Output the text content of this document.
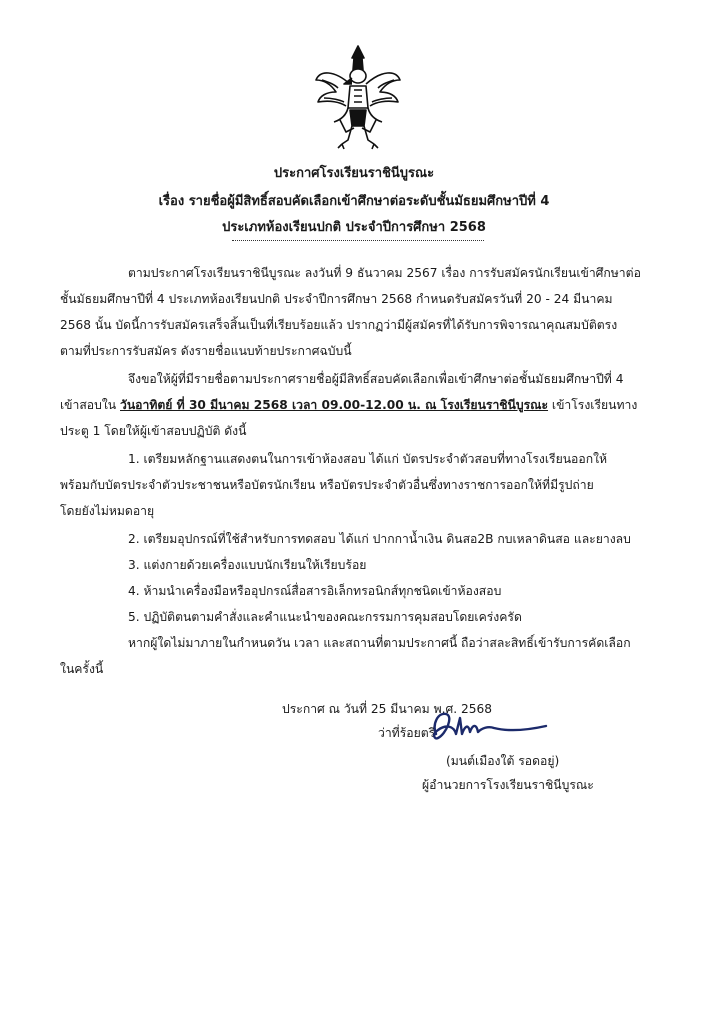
ประกาศโรงเรียนราชินีบูรณะ
เรื่อง รายชื่อผู้มีสิทธิ์สอบคัดเลือกเข้าศึกษาต่อระดับชั้นมัธยมศึกษาปีที่ 4
ประเภทห้องเรียนปกติ ประจำปีการศึกษา 2568
ตามประกาศโรงเรียนราชินีบูรณะ ลงวันที่ 9 ธันวาคม 2567 เรื่อง การรับสมัครนักเรียนเข้าศึกษาต่อ
ชั้นมัธยมศึกษาปีที่ 4 ประเภทห้องเรียนปกติ ประจำปีการศึกษา 2568 กำหนดรับสมัครวันที่ 20 - 24 มีนาคม
2568 นั้น บัดนี้การรับสมัครเสร็จสิ้นเป็นที่เรียบร้อยแล้ว ปรากฏว่ามีผู้สมัครที่ได้รับการพิจารณาคุณสมบัติตรง
ตามที่ประการรับสมัคร ดังรายชื่อแนบท้ายประกาศฉบับนี้
จึงขอให้ผู้ที่มีรายชื่อตามประกาศรายชื่อผู้มีสิทธิ์สอบคัดเลือกเพื่อเข้าศึกษาต่อชั้นมัธยมศึกษาปีที่ 4
เข้าสอบใน วันอาทิตย์ ที่ 30 มีนาคม 2568 เวลา 09.00-12.00 น. ณ โรงเรียนราชินีบูรณะ เข้าโรงเรียนทาง
ประตู 1 โดยให้ผู้เข้าสอบปฏิบัติ ดังนี้
1. เตรียมหลักฐานแสดงตนในการเข้าห้องสอบ ได้แก่ บัตรประจำตัวสอบที่ทางโรงเรียนออกให้
พร้อมกับบัตรประจำตัวประชาชนหรือบัตรนักเรียน หรือบัตรประจำตัวอื่นซึ่งทางราชการออกให้ที่มีรูปถ่าย
โดยยังไม่หมดอายุ
2. เตรียมอุปกรณ์ที่ใช้สำหรับการทดสอบ ได้แก่ ปากกาน้ำเงิน ดินสอ2B กบเหลาดินสอ และยางลบ
3. แต่งกายด้วยเครื่องแบบนักเรียนให้เรียบร้อย
4. ห้ามนำเครื่องมือหรืออุปกรณ์สื่อสารอิเล็กทรอนิกส์ทุกชนิดเข้าห้องสอบ
5. ปฏิบัติตนตามคำสั่งและคำแนะนำของคณะกรรมการคุมสอบโดยเคร่งครัด
หากผู้ใดไม่มาภายในกำหนดวัน เวลา และสถานที่ตามประกาศนี้ ถือว่าสละสิทธิ์เข้ารับการคัดเลือก
ในครั้งนี้
ประกาศ ณ วันที่ 25 มีนาคม พ.ศ. 2568
ว่าที่ร้อยตรี
(มนต์เมืองใต้ รอดอยู่)
ผู้อำนวยการโรงเรียนราชินีบูรณะ
